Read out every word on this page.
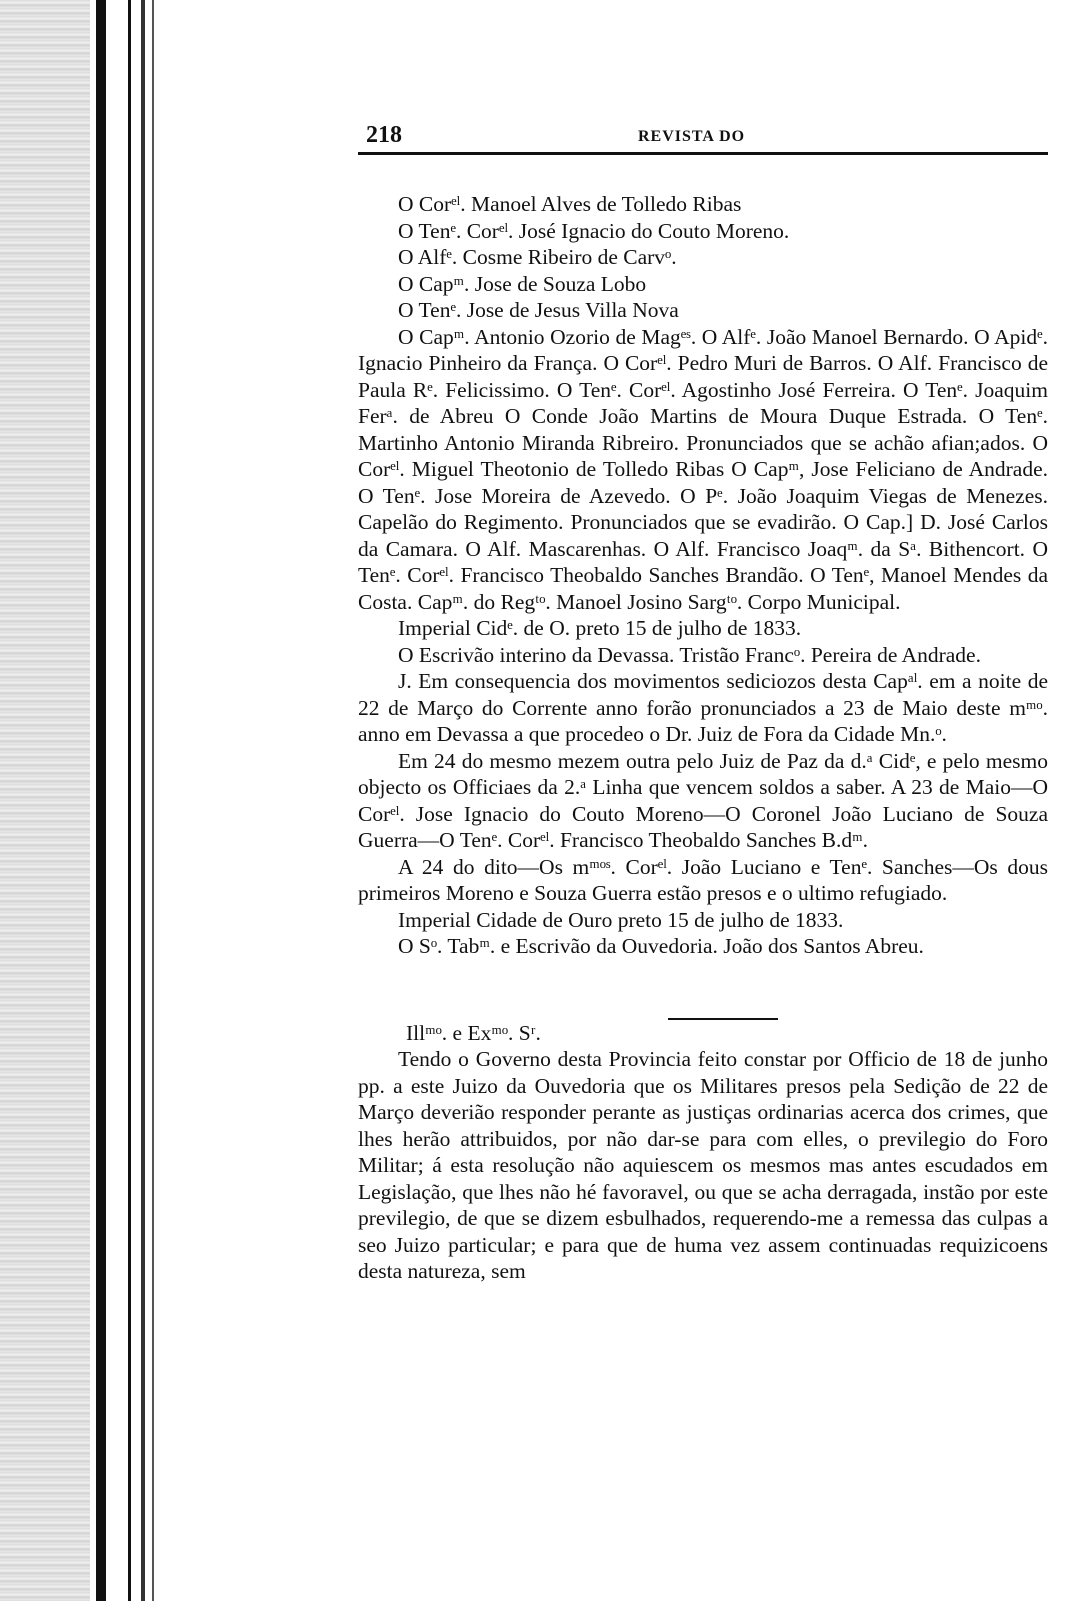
218	REVISTA DO
O Corᵉˡ. Manoel Alves de Tolledo Ribas
O Tenᵉ. Corᵉˡ. José Ignacio do Couto Moreno.
O Alfᵉ. Cosme Ribeiro de Carvᵒ.
O Capᵐ. Jose de Souza Lobo
O Tenᵉ. Jose de Jesus Villa Nova

O Capᵐ. Antonio Ozorio de Magᵉˢ. O Alfᵉ. João Manoel Bernardo. O Apidᵉ. Ignacio Pinheiro da França. O Corᵉˡ. Pedro Muri de Barros. O Alf. Francisco de Paula Rᵉ. Felicissimo. O Tenᵉ. Corᵉˡ. Agostinho José Ferreira. O Tenᵉ. Joaquim Ferᵃ. de Abreu O Conde João Martins de Moura Duque Estrada. O Tenᵉ. Martinho Antonio Miranda Ribreiro. Pronunciados que se achão afian;ados. O Corᵉˡ. Miguel Theotonio de Tolledo Ribas O Capᵐ, Jose Feliciano de Andrade. O Tenᵉ. Jose Moreira de Azevedo. O Pᵉ. João Joaquim Viegas de Menezes. Capelão do Regimento. Pronunciados que se evadirão. O Cap.] D. José Carlos da Camara. O Alf. Mascarenhas. O Alf. Francisco Joaqᵐ. da Sᵃ. Bithencort. O Tenᵉ. Corᵉˡ. Francisco Theobaldo Sanches Brandão. O Tenᵉ, Manoel Mendes da Costa. Capᵐ. do Regᵗᵒ. Manoel Josino Sargᵗᵒ. Corpo Municipal.

Imperial Cidᵉ. de O. preto 15 de julho de 1833.

O Escrivão interino da Devassa. Tristão Francᵒ. Pereira de Andrade.

J. Em consequencia dos movimentos sediciozos desta Capᵃˡ. em a noite de 22 de Março do Corrente anno forão pronunciados a 23 de Maio deste mᵐᵒ. anno em Devassa a que procedeo o Dr. Juiz de Fora da Cidade Mn.ᵒ.

Em 24 do mesmo mezem outra pelo Juiz de Paz da d.ᵃ Cidᵉ, e pelo mesmo objecto os Officiaes da 2.ᵃ Linha que vencem soldos a saber. A 23 de Maio—O Corᵉˡ. Jose Ignacio do Couto Moreno—O Coronel João Luciano de Souza Guerra—O Tenᵉ. Corᵉˡ. Francisco Theobaldo Sanches B.dᵐ.

A 24 do dito—Os mᵐᵒˢ. Corᵉˡ. João Luciano e Tenᵉ. Sanches—Os dous primeiros Moreno e Souza Guerra estão presos e o ultimo refugiado.

Imperial Cidade de Ouro preto 15 de julho de 1833.

O Sᵒ. Tabᵐ. e Escrivão da Ouvedoria. João dos Santos Abreu.

Illᵐᵒ. e Exᵐᵒ. Sʳ.

Tendo o Governo desta Provincia feito constar por Officio de 18 de junho pp. a este Juizo da Ouvedoria que os Militares presos pela Sedição de 22 de Março deverião responder perante as justiças ordinarias acerca dos crimes, que lhes herão attribuidos, por não dar-se para com elles, o previlegio do Foro Militar; á esta resolução não aquiescem os mesmos mas antes escudados em Legislação, que lhes não hé favoravel, ou que se acha derragada, instão por este previlegio, de que se dizem esbulhados, requerendo-me a remessa das culpas a seo Juizo particular; e para que de huma vez assem continuadas requizicoens desta natureza, sem
